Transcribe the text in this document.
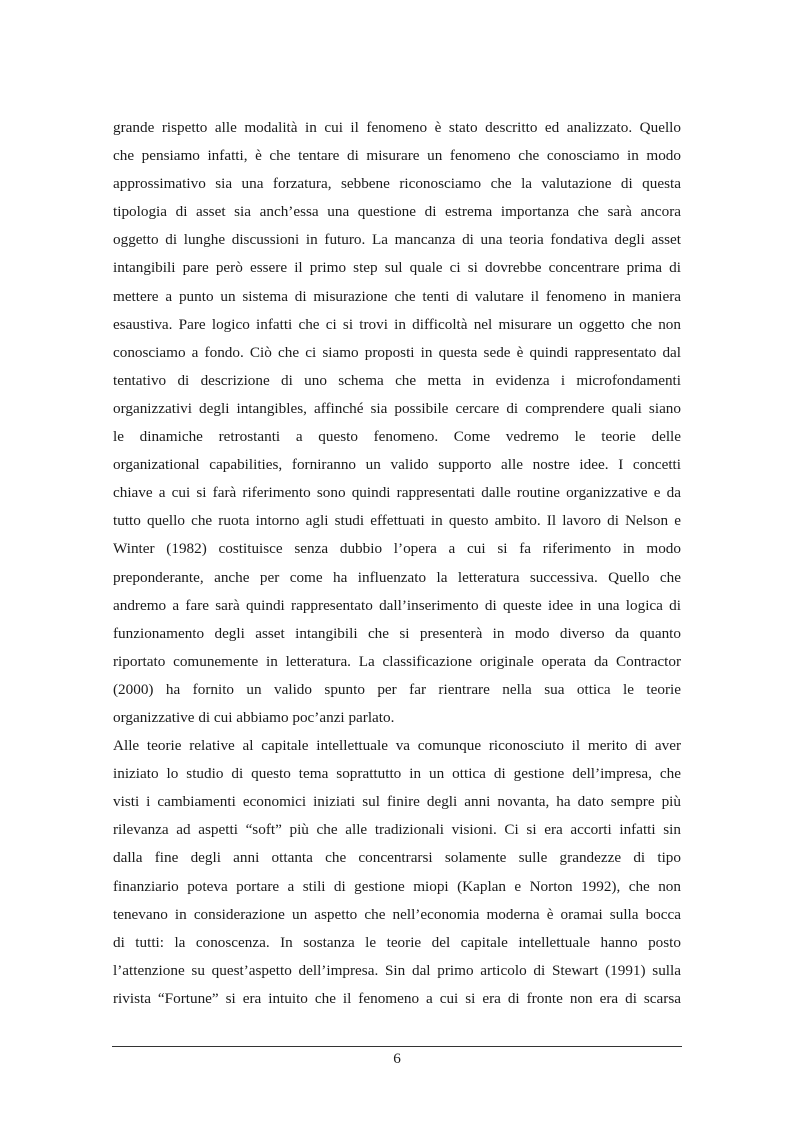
grande rispetto alle modalità in cui il fenomeno è stato descritto ed analizzato. Quello
che pensiamo infatti, è che tentare di misurare un fenomeno che conosciamo in modo
approssimativo sia una forzatura, sebbene riconosciamo che la valutazione di questa
tipologia di asset sia anch’essa una questione di estrema importanza che sarà ancora
oggetto di lunghe discussioni in futuro. La mancanza di una teoria fondativa degli asset
intangibili pare però essere il primo step sul quale ci si dovrebbe concentrare prima di
mettere a punto un sistema di misurazione che tenti di valutare il fenomeno in maniera
esaustiva. Pare logico infatti che ci si trovi in difficoltà nel misurare un oggetto che non
conosciamo a fondo. Ciò che ci siamo proposti in questa sede è quindi rappresentato dal
tentativo di descrizione di uno schema che metta in evidenza i microfondamenti
organizzativi degli intangibles, affinché sia possibile cercare di comprendere quali siano
le dinamiche retrostanti a questo fenomeno. Come vedremo le teorie delle
organizational capabilities, forniranno un valido supporto alle nostre idee. I concetti
chiave a cui si farà riferimento sono quindi rappresentati dalle routine organizzative e da
tutto quello che ruota intorno agli studi effettuati in questo ambito. Il lavoro di Nelson e
Winter (1982) costituisce senza dubbio l’opera a cui si fa riferimento in modo
preponderante, anche per come ha influenzato la letteratura successiva. Quello che
andremo a fare sarà quindi rappresentato dall’inserimento di queste idee in una logica di
funzionamento degli asset intangibili che si presenterà in modo diverso da quanto
riportato comunemente in letteratura. La classificazione originale operata da Contractor
(2000) ha fornito un valido spunto per far rientrare nella sua ottica le teorie
organizzative di cui abbiamo poc’anzi parlato.
Alle teorie relative al capitale intellettuale va comunque riconosciuto il merito di aver
iniziato lo studio di questo tema soprattutto in un ottica di gestione dell’impresa, che
visti i cambiamenti economici iniziati sul finire degli anni novanta, ha dato sempre più
rilevanza ad aspetti “soft” più che alle tradizionali visioni. Ci si era accorti infatti sin
dalla fine degli anni ottanta che concentrarsi solamente sulle grandezze di tipo
finanziario poteva portare a stili di gestione miopi (Kaplan e Norton 1992), che non
tenevano in considerazione un aspetto che nell’economia moderna è oramai sulla bocca
di tutti: la conoscenza. In sostanza le teorie del capitale intellettuale hanno posto
l’attenzione su quest’aspetto dell’impresa. Sin dal primo articolo di Stewart (1991) sulla
rivista “Fortune” si era intuito che il fenomeno a cui si era di fronte non era di scarsa
6
